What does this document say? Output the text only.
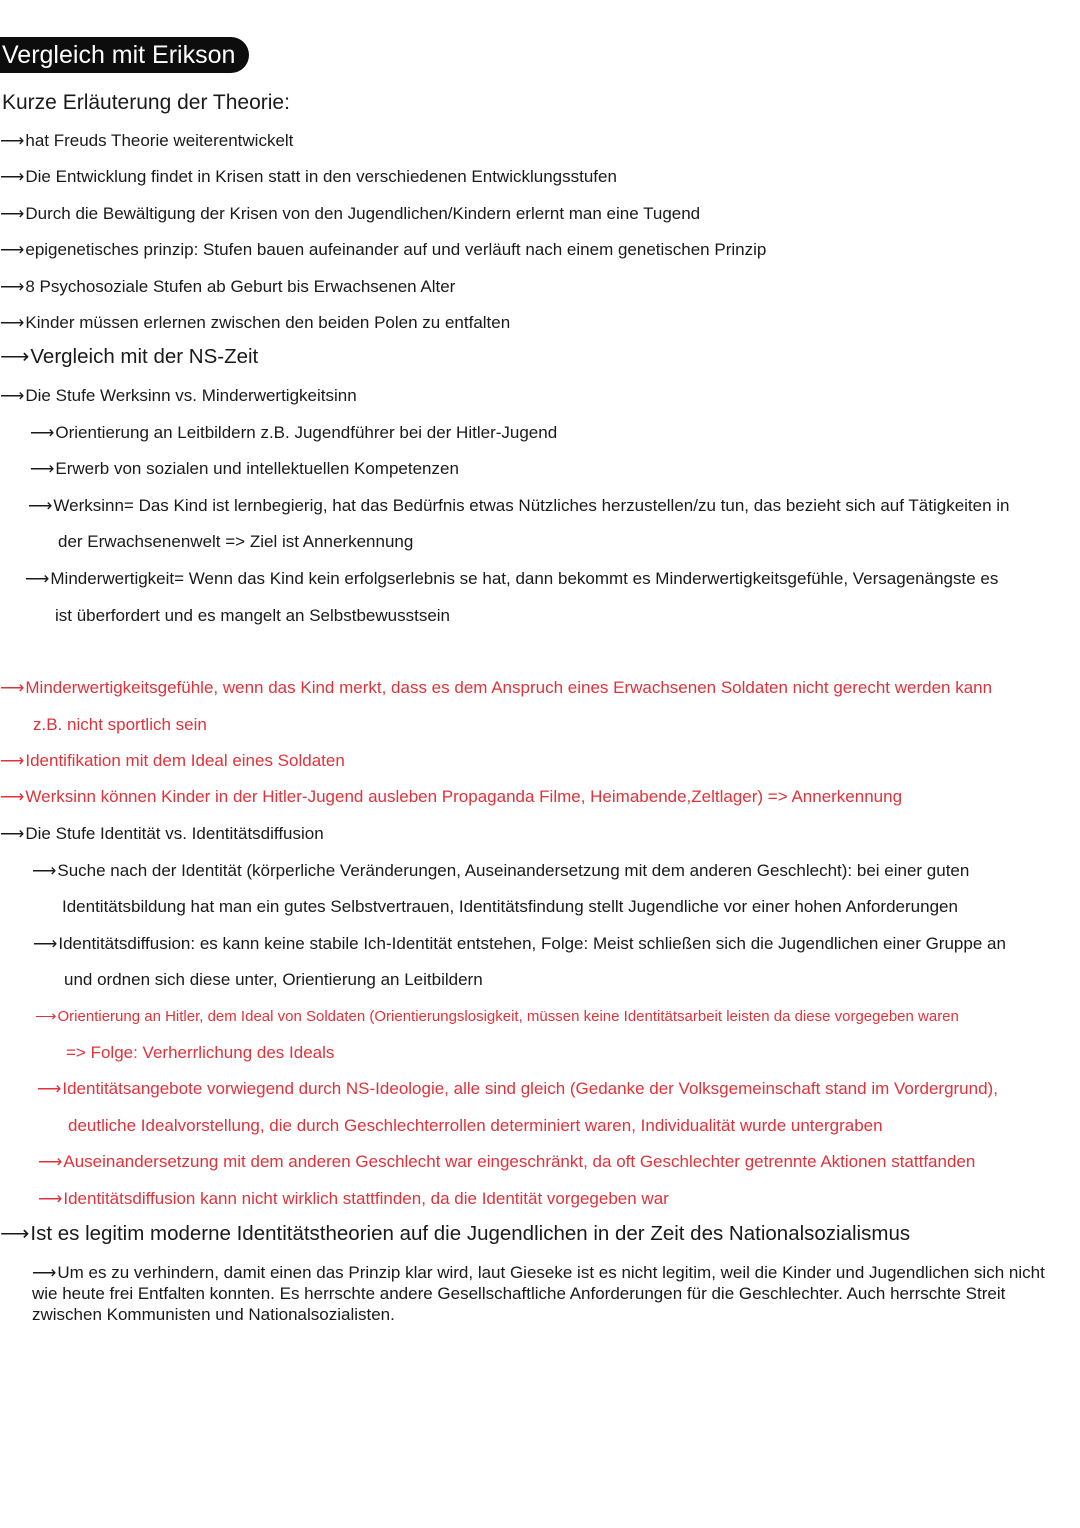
Vergleich mit Erikson
Kurze Erläuterung der Theorie:
⟶hat Freuds Theorie weiterentwickelt
⟶Die Entwicklung findet in Krisen statt in den verschiedenen Entwicklungsstufen
⟶Durch die Bewältigung der Krisen von den Jugendlichen/Kindern erlernt man eine Tugend
⟶epigenetisches prinzip: Stufen bauen aufeinander auf und verläuft nach einem genetischen Prinzip
⟶8 Psychosoziale Stufen ab Geburt bis Erwachsenen Alter
⟶Kinder müssen erlernen zwischen den beiden Polen zu entfalten
⟶Vergleich mit der NS-Zeit
⟶Die Stufe Werksinn vs. Minderwertigkeitsinn
⟶Orientierung an Leitbildern z.B. Jugendführer bei der Hitler-Jugend
⟶Erwerb von sozialen und intellektuellen Kompetenzen
⟶Werksinn= Das Kind ist lernbegierig, hat das Bedürfnis etwas Nützliches herzustellen/zu tun, das bezieht sich auf Tätigkeiten in
der Erwachsenenwelt => Ziel ist Annerkennung
⟶Minderwertigkeit= Wenn das Kind kein erfolgserlebnis se hat, dann bekommt es Minderwertigkeitsgefühle, Versagenängste es
ist überfordert und es mangelt an Selbstbewusstsein
⟶Minderwertigkeitsgefühle, wenn das Kind merkt, dass es dem Anspruch eines Erwachsenen Soldaten nicht gerecht werden kann
z.B. nicht sportlich sein
⟶Identifikation mit dem Ideal eines Soldaten
⟶Werksinn können Kinder in der Hitler-Jugend ausleben Propaganda Filme, Heimabende,Zeltlager) => Annerkennung
⟶Die Stufe Identität vs. Identitätsdiffusion
⟶Suche nach der Identität (körperliche Veränderungen, Auseinandersetzung mit dem anderen Geschlecht): bei einer guten
Identitätsbildung hat man ein gutes Selbstvertrauen, Identitätsfindung stellt Jugendliche vor einer hohen Anforderungen
⟶Identitätsdiffusion: es kann keine stabile Ich-Identität entstehen, Folge: Meist schließen sich die Jugendlichen einer Gruppe an
und ordnen sich diese unter, Orientierung an Leitbildern
⟶Orientierung an Hitler, dem Ideal von Soldaten (Orientierungslosigkeit, müssen keine Identitätsarbeit leisten da diese vorgegeben waren
=> Folge: Verherrlichung des Ideals
⟶Identitätsangebote vorwiegend durch NS-Ideologie, alle sind gleich (Gedanke der Volksgemeinschaft stand im Vordergrund),
deutliche Idealvorstellung, die durch Geschlechterrollen determiniert waren, Individualität wurde untergraben
⟶Auseinandersetzung mit dem anderen Geschlecht war eingeschränkt, da oft Geschlechter getrennte Aktionen stattfanden
⟶Identitätsdiffusion kann nicht wirklich stattfinden, da die Identität vorgegeben war
⟶Ist es legitim moderne Identitätstheorien auf die Jugendlichen in der Zeit des Nationalsozialismus
⟶Um es zu verhindern, damit einen das Prinzip klar wird, laut Gieseke ist es nicht legitim, weil die Kinder und Jugendlichen sich nicht wie heute frei Entfalten konnten. Es herrschte andere Gesellschaftliche Anforderungen für die Geschlechter. Auch herrschte Streit zwischen Kommunisten und Nationalsozialisten.
